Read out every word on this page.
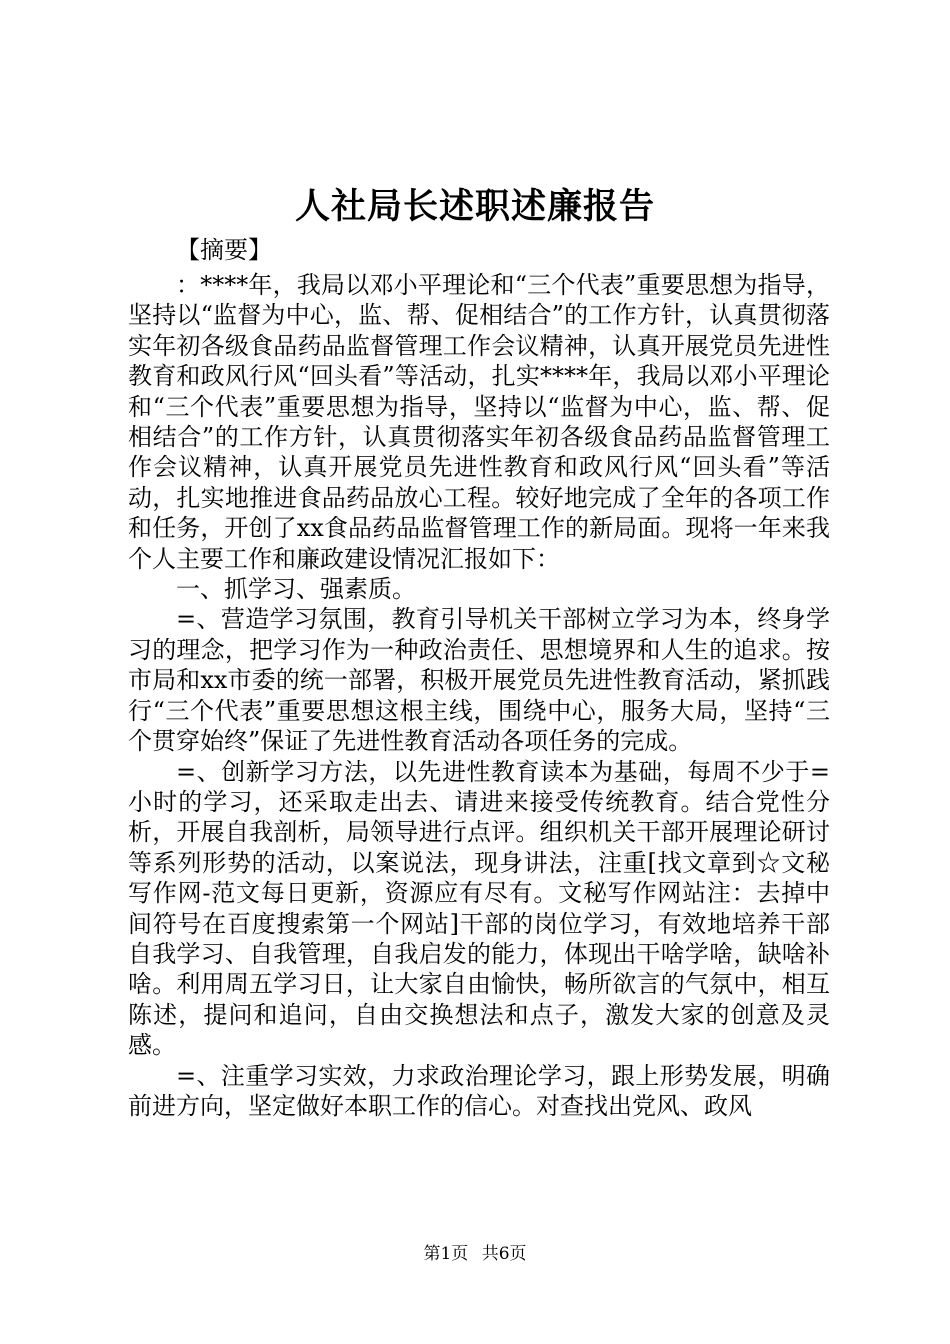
人社局长述职述廉报告
【摘要】

：****年，我局以邓小平理论和“三个代表”重要思想为指导，坚持以“监督为中心，监、帮、促相结合”的工作方针，认真贯彻落实年初各级食品药品监督管理工作会议精神，认真开展党员先进性教育和政风行风“回头看”等活动，扎实****年，我局以邓小平理论和“三个代表”重要思想为指导，坚持以“监督为中心，监、帮、促相结合”的工作方针，认真贯彻落实年初各级食品药品监督管理工作会议精神，认真开展党员先进性教育和政风行风“回头看”等活动，扎实地推进食品药品放心工程。较好地完成了全年的各项工作和任务，开创了xx食品药品监督管理工作的新局面。现将一年来我个人主要工作和廉政建设情况汇报如下：

一、抓学习、强素质。

=、营造学习氛围，教育引导机关干部树立学习为本，终身学习的理念，把学习作为一种政治责任、思想境界和人生的追求。按市局和xx市委的统一部署，积极开展党员先进性教育活动，紧抓践行“三个代表”重要思想这根主线，围绕中心，服务大局，坚持“三个贯穿始终”保证了先进性教育活动各项任务的完成。

=、创新学习方法，以先进性教育读本为基础，每周不少于=小时的学习，还采取走出去、请进来接受传统教育。结合党性分析，开展自我剖析，局领导进行点评。组织机关干部开展理论研讨等系列形势的活动，以案说法，现身讲法，注重[找文章到☆文秘写作网-范文每日更新，资源应有尽有。文秘写作网站注：去掉中间符号在百度搜索第一个网站]干部的岗位学习，有效地培养干部自我学习、自我管理，自我启发的能力，体现出干啥学啥，缺啥补啥。利用周五学习日，让大家自由愉快，畅所欲言的气氛中，相互陈述，提问和追问，自由交换想法和点子，激发大家的创意及灵感。

=、注重学习实效，力求政治理论学习，跟上形势发展，明确前进方向，坚定做好本职工作的信心。对查找出党风、政风

第1页 共6页
